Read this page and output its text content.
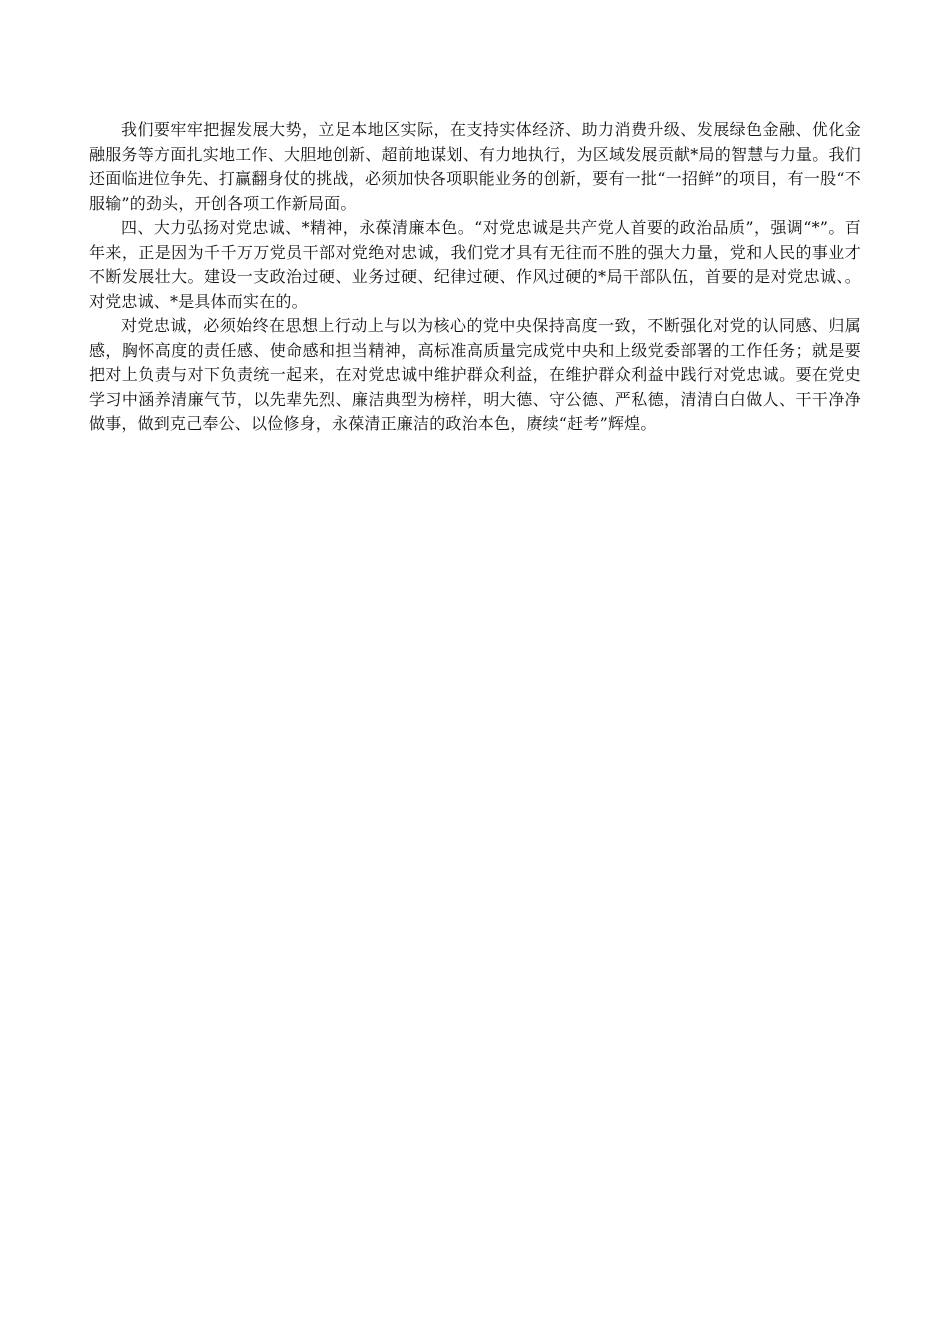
我们要牢牢把握发展大势，立足本地区实际，在支持实体经济、助力消费升级、发展绿色金融、优化金融服务等方面扎实地工作、大胆地创新、超前地谋划、有力地执行，为区域发展贡献*局的智慧与力量。我们还面临进位争先、打赢翻身仗的挑战，必须加快各项职能业务的创新，要有一批“一招鲜”的项目，有一股“不服输”的劲头，开创各项工作新局面。

四、大力弘扬对党忠诚、*精神，永葆清廉本色。“对党忠诚是共产党人首要的政治品质”，强调“*”。百年来，正是因为千千万万党员干部对党绝对忠诚，我们党才具有无往而不胜的强大力量，党和人民的事业才不断发展壮大。建设一支政治过硬、业务过硬、纪律过硬、作风过硬的*局干部队伍，首要的是对党忠诚、。对党忠诚、*是具体而实在的。

对党忠诚，必须始终在思想上行动上与以为核心的党中央保持高度一致，不断强化对党的认同感、归属感，胸怀高度的责任感、使命感和担当精神，高标准高质量完成党中央和上级党委部署的工作任务；就是要把对上负责与对下负责统一起来，在对党忠诚中维护群众利益，在维护群众利益中践行对党忠诚。要在党史学习中涵养清廉气节，以先辈先烈、廉洁典型为榜样，明大德、守公德、严私德，清清白白做人、干干净净做事，做到克己奉公、以俭修身，永葆清正廉洁的政治本色，赓续“赶考”辉煌。
